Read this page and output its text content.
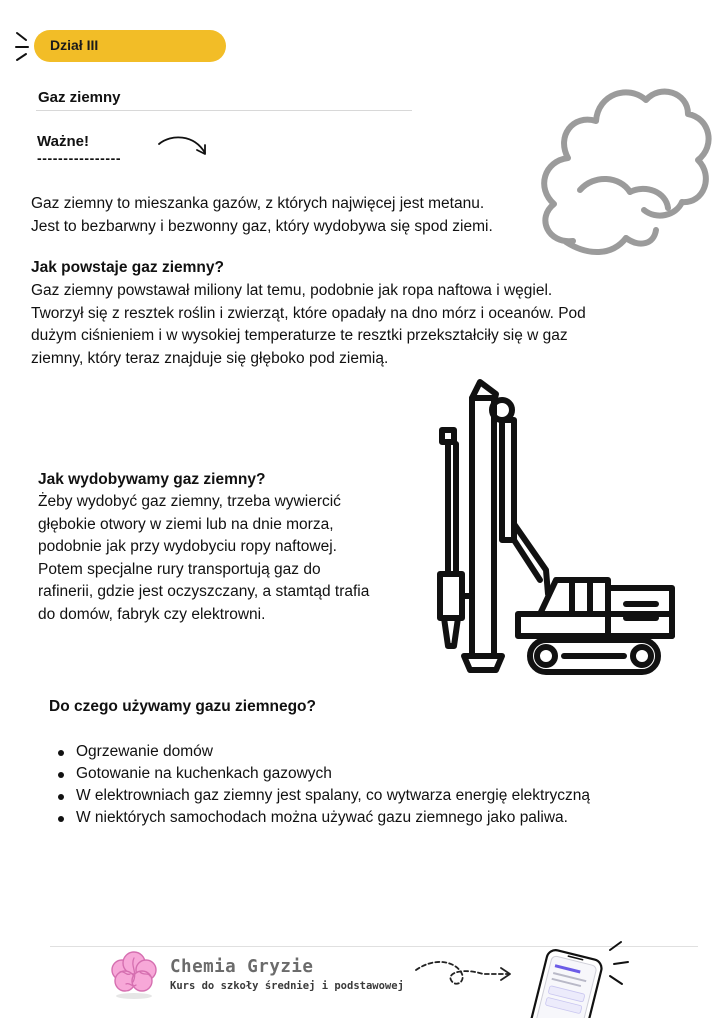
Dział III
Gaz ziemny
Ważne!
----------------
Gaz ziemny to mieszanka gazów, z których najwięcej jest metanu.
Jest to bezbarwny i bezwonny gaz, który wydobywa się spod ziemi.
Jak powstaje gaz ziemny?
Gaz ziemny powstawał miliony lat temu, podobnie jak ropa naftowa i węgiel.
Tworzył się z resztek roślin i zwierząt, które opadały na dno mórz i oceanów. Pod
dużym ciśnieniem i w wysokiej temperaturze te resztki przekształciły się w gaz
ziemny, który teraz znajduje się głęboko pod ziemią.
Jak wydobywamy gaz ziemny?
Żeby wydobyć gaz ziemny, trzeba wywiercić
głębokie otwory w ziemi lub na dnie morza,
podobnie jak przy wydobyciu ropy naftowej.
Potem specjalne rury transportują gaz do
rafinerii, gdzie jest oczyszczany, a stamtąd trafia
do domów, fabryk czy elektrowni.
Do czego używamy gazu ziemnego?
Ogrzewanie domów
Gotowanie na kuchenkach gazowych
W elektrowniach gaz ziemny jest spalany, co wytwarza energię elektryczną
W niektórych samochodach można używać gazu ziemnego jako paliwa.
Chemia Gryzie
Kurs do szkoły średniej i podstawowej
